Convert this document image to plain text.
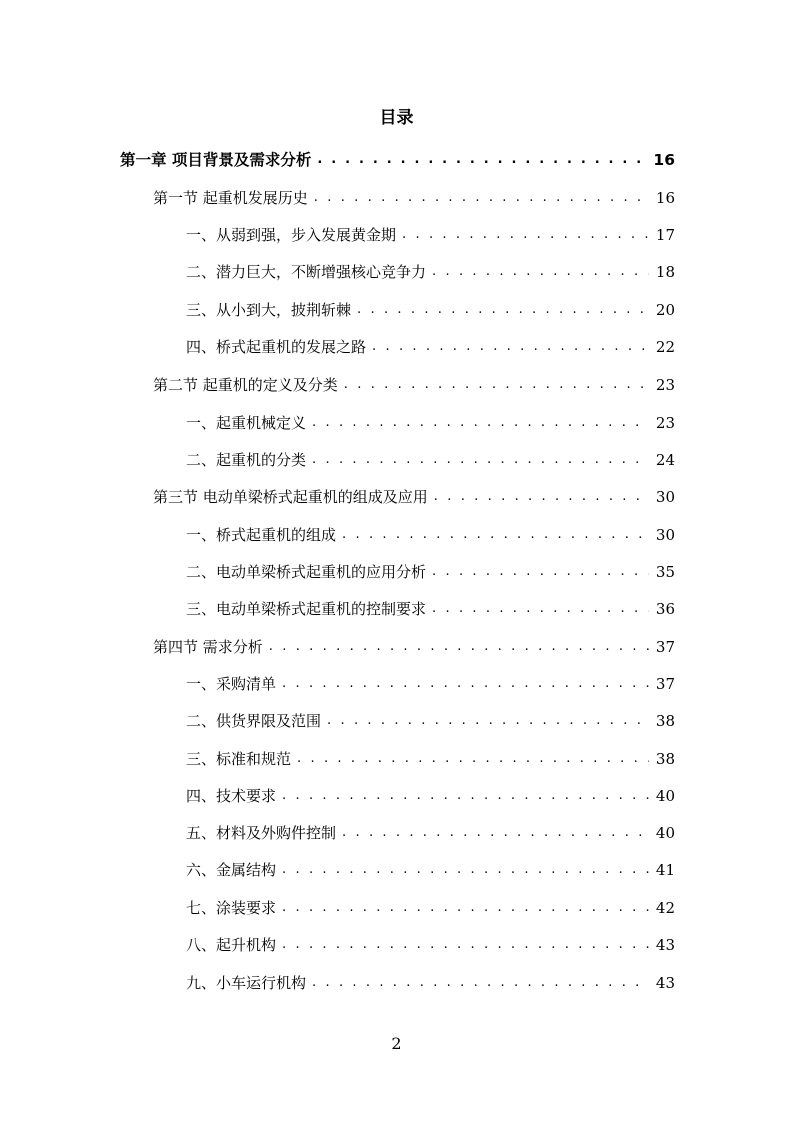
目录
第一章 项目背景及需求分析 . . .	16
第一节 起重机发展历史 . . .	16
一、从弱到强，步入发展黄金期 . . .	17
二、潜力巨大，不断增强核心竞争力 . . .	18
三、从小到大，披荆斩棘 . . .	20
四、桥式起重机的发展之路 . . .	22
第二节 起重机的定义及分类 . . .	23
一、起重机械定义 . . .	23
二、起重机的分类 . . .	24
第三节 电动单梁桥式起重机的组成及应用 . . .	30
一、桥式起重机的组成 . . .	30
二、电动单梁桥式起重机的应用分析 . . .	35
三、电动单梁桥式起重机的控制要求 . . .	36
第四节 需求分析 . . .	37
一、采购清单 . . .	37
二、供货界限及范围 . . .	38
三、标准和规范 . . .	38
四、技术要求 . . .	40
五、材料及外购件控制 . . .	40
六、金属结构 . . .	41
七、涂装要求 . . .	42
八、起升机构 . . .	43
九、小车运行机构 . . .	43
2
